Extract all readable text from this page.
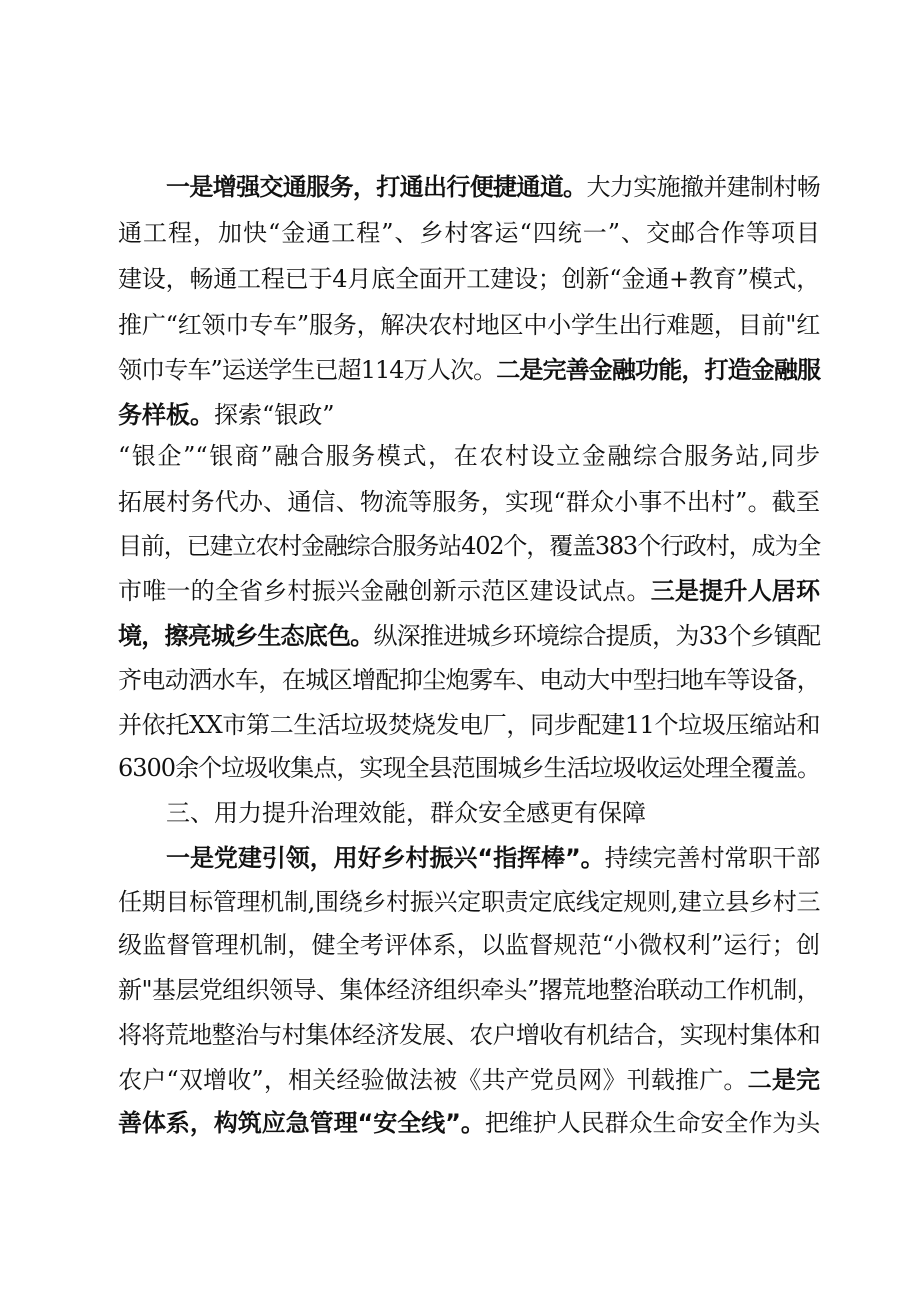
一是增强交通服务，打通出行便捷通道。大力实施撤并建制村畅
通工程，加快“金通工程”、乡村客运“四统一”、交邮合作等项目
建设，畅通工程已于4月底全面开工建设；创新“金通+教育”模式，
推广“红领巾专车”服务，解决农村地区中小学生出行难题，目前"红
领巾专车”运送学生已超114万人次。二是完善金融功能，打造金融服
务样板。探索“银政”
“银企”“银商”融合服务模式，在农村设立金融综合服务站,同步
拓展村务代办、通信、物流等服务，实现“群众小事不出村”。截至
目前，已建立农村金融综合服务站402个，覆盖383个行政村，成为全
市唯一的全省乡村振兴金融创新示范区建设试点。三是提升人居环
境，擦亮城乡生态底色。纵深推进城乡环境综合提质，为33个乡镇配
齐电动洒水车，在城区增配抑尘炮雾车、电动大中型扫地车等设备，
并依托XX市第二生活垃圾焚烧发电厂，同步配建11个垃圾压缩站和
6300余个垃圾收集点，实现全县范围城乡生活垃圾收运处理全覆盖。
三、用力提升治理效能，群众安全感更有保障
一是党建引领，用好乡村振兴“指挥棒”。持续完善村常职干部
任期目标管理机制,围绕乡村振兴定职责定底线定规则,建立县乡村三
级监督管理机制，健全考评体系，以监督规范“小微权利”运行；创
新"基层党组织领导、集体经济组织牵头”撂荒地整治联动工作机制，
将将荒地整治与村集体经济发展、农户增收有机结合，实现村集体和
农户“双增收”，相关经验做法被《共产党员网》刊载推广。二是完
善体系，构筑应急管理“安全线”。把维护人民群众生命安全作为头
